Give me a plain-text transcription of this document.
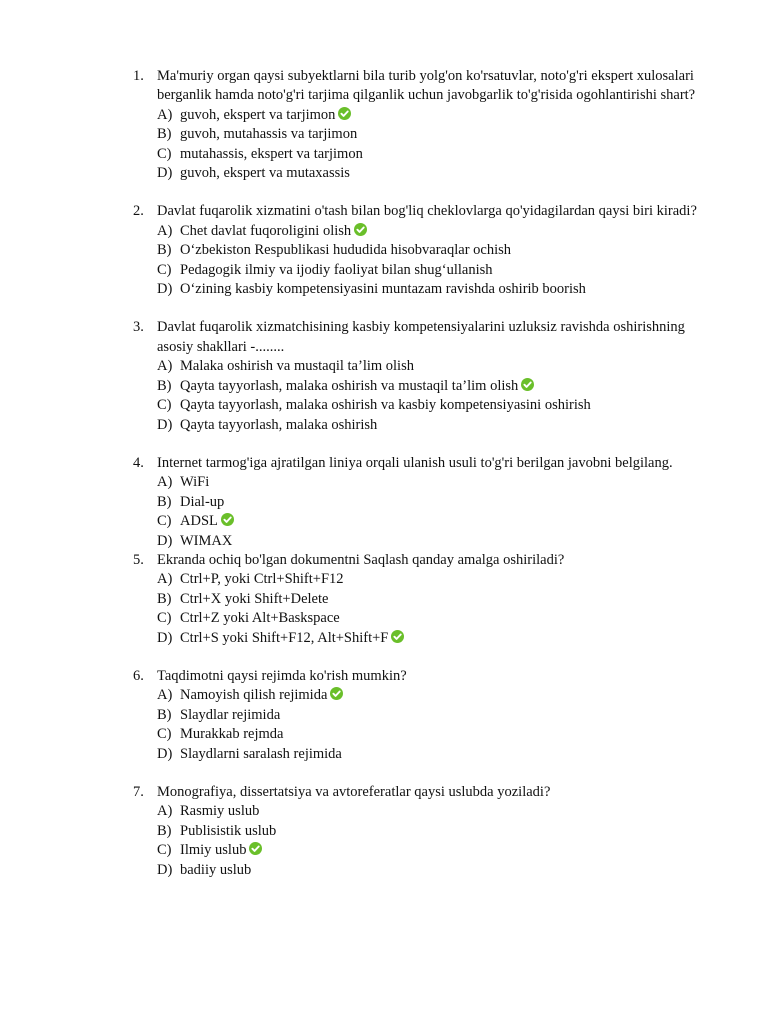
1. Ma'muriy organ qaysi subyektlarni bila turib yolg'on ko'rsatuvlar, noto'g'ri ekspert xulosalari berganlik hamda noto'g'ri tarjima qilganlik uchun javobgarlik to'g'risida ogohlantirishi shart?
A) guvoh, ekspert va tarjimon
B) guvoh, mutahassis va tarjimon
C) mutahassis, ekspert va tarjimon
D) guvoh, ekspert va mutaxassis
2. Davlat fuqarolik xizmatini o'tash bilan bog'liq cheklovlarga qo'yidagilardan qaysi biri kiradi?
A) Chet davlat fuqoroligini olish
B) O‘zbekiston Respublikasi hududida hisobvaraqlar ochish
C) Pedagogik ilmiy va ijodiy faoliyat bilan shug‘ullanish
D) O‘zining kasbiy kompetensiyasini muntazam ravishda oshirib boorish
3. Davlat fuqarolik xizmatchisining kasbiy kompetensiyalarini uzluksiz ravishda oshirishning asosiy shakllari -........
A) Malaka oshirish va mustaqil ta’lim olish
B) Qayta tayyorlash, malaka oshirish va mustaqil ta’lim olish
C) Qayta tayyorlash, malaka oshirish va kasbiy kompetensiyasini oshirish
D) Qayta tayyorlash, malaka oshirish
4. Internet tarmog'iga ajratilgan liniya orqali ulanish usuli to'g'ri berilgan javobni belgilang.
A) WiFi
B) Dial-up
C) ADSL
D) WIMAX
5. Ekranda ochiq bo'lgan dokumentni Saqlash qanday amalga oshiriladi?
A) Ctrl+P, yoki Ctrl+Shift+F12
B) Ctrl+X yoki Shift+Delete
C) Ctrl+Z yoki Alt+Baskspace
D) Ctrl+S yoki Shift+F12, Alt+Shift+F
6. Taqdimotni qaysi rejimda ko'rish mumkin?
A) Namoyish qilish rejimida
B) Slaydlar rejimida
C) Murakkab rejmda
D) Slaydlarni saralash rejimida
7. Monografiya, dissertatsiya va avtoreferatlar qaysi uslubda yoziladi?
A) Rasmiy uslub
B) Publisistik uslub
C) Ilmiy uslub
D) badiiy uslub
